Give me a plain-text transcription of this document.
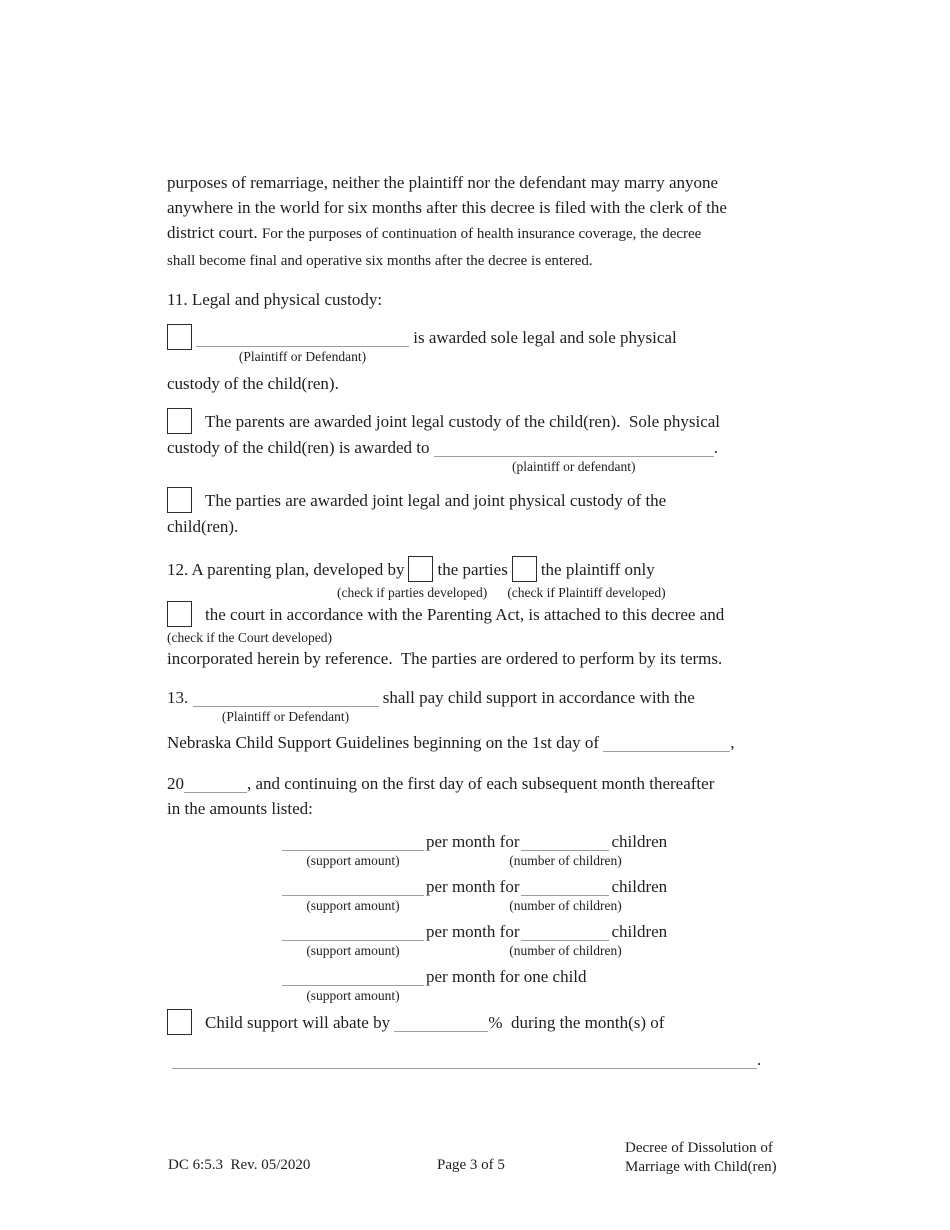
purposes of remarriage, neither the plaintiff nor the defendant may marry anyone
anywhere in the world for six months after this decree is filed with the clerk of the
district court. For the purposes of continuation of health insurance coverage, the decree
shall become final and operative six months after the decree is entered.
11. Legal and physical custody:
(Plaintiff or Defendant)
is awarded sole legal and sole physical
custody of the child(ren).
The parents are awarded joint legal custody of the child(ren).  Sole physical
custody of the child(ren) is awarded to
(plaintiff or defendant)
.
The parties are awarded joint legal and joint physical custody of the
child(ren).
12. A parenting plan, developed by the parties the plaintiff only
(check if parties developed) (check if Plaintiff developed)
the court in accordance with the Parenting Act, is attached to this decree and
(check if the Court developed)
incorporated herein by reference.  The parties are ordered to perform by its terms.
13.
(Plaintiff or Defendant)
shall pay child support in accordance with the
Nebraska Child Support Guidelines beginning on the 1st day of	,
20	, and continuing on the first day of each subsequent month thereafter
in the amounts listed:
(support amount)
per month for
(number of children)
children
(support amount)
per month for
(number of children)
children
(support amount)
per month for
(number of children)
children
(support amount)
per month for one child
Child support will abate by	%  during the month(s) of
.
DC 6:5.3  Rev. 05/2020	Page 3 of 5
Decree of Dissolution of
Marriage with Child(ren)
